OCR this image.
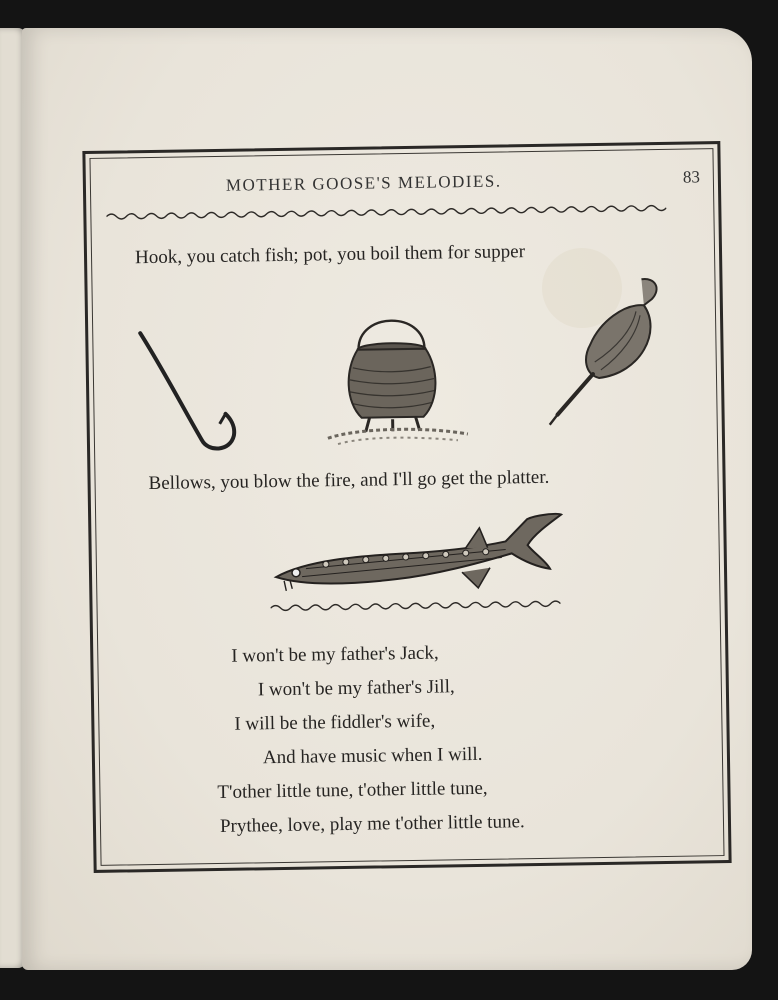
MOTHER GOOSE'S MELODIES.	83
Hook, you catch fish; pot, you boil them for supper
Bellows, you blow the fire, and I'll go get the platter.
I won't be my father's Jack,
I won't be my father's Jill,
I will be the fiddler's wife,
And have music when I will.
T'other little tune, t'other little tune,
Prythee, love, play me t'other little tune.
